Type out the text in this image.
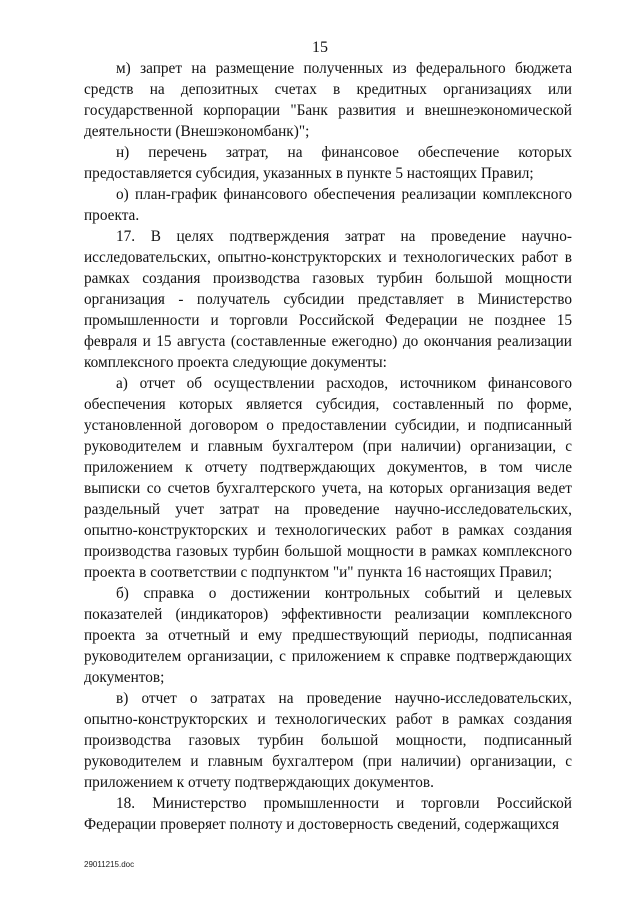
15

м) запрет на размещение полученных из федерального бюджета средств на депозитных счетах в кредитных организациях или государственной корпорации "Банк развития и внешнеэкономической деятельности (Внешэкономбанк)";

н) перечень затрат, на финансовое обеспечение которых предоставляется субсидия, указанных в пункте 5 настоящих Правил;

о) план-график финансового обеспечения реализации комплексного проекта.

17. В целях подтверждения затрат на проведение научно-исследовательских, опытно-конструкторских и технологических работ в рамках создания производства газовых турбин большой мощности организация - получатель субсидии представляет в Министерство промышленности и торговли Российской Федерации не позднее 15 февраля и 15 августа (составленные ежегодно) до окончания реализации комплексного проекта следующие документы:

а) отчет об осуществлении расходов, источником финансового обеспечения которых является субсидия, составленный по форме, установленной договором о предоставлении субсидии, и подписанный руководителем и главным бухгалтером (при наличии) организации, с приложением к отчету подтверждающих документов, в том числе выписки со счетов бухгалтерского учета, на которых организация ведет раздельный учет затрат на проведение научно-исследовательских, опытно-конструкторских и технологических работ в рамках создания производства газовых турбин большой мощности в рамках комплексного проекта в соответствии с подпунктом "и" пункта 16 настоящих Правил;

б) справка о достижении контрольных событий и целевых показателей (индикаторов) эффективности реализации комплексного проекта за отчетный и ему предшествующий периоды, подписанная руководителем организации, с приложением к справке подтверждающих документов;

в) отчет о затратах на проведение научно-исследовательских, опытно-конструкторских и технологических работ в рамках создания производства газовых турбин большой мощности, подписанный руководителем и главным бухгалтером (при наличии) организации, с приложением к отчету подтверждающих документов.

18. Министерство промышленности и торговли Российской Федерации проверяет полноту и достоверность сведений, содержащихся

29011215.doc
